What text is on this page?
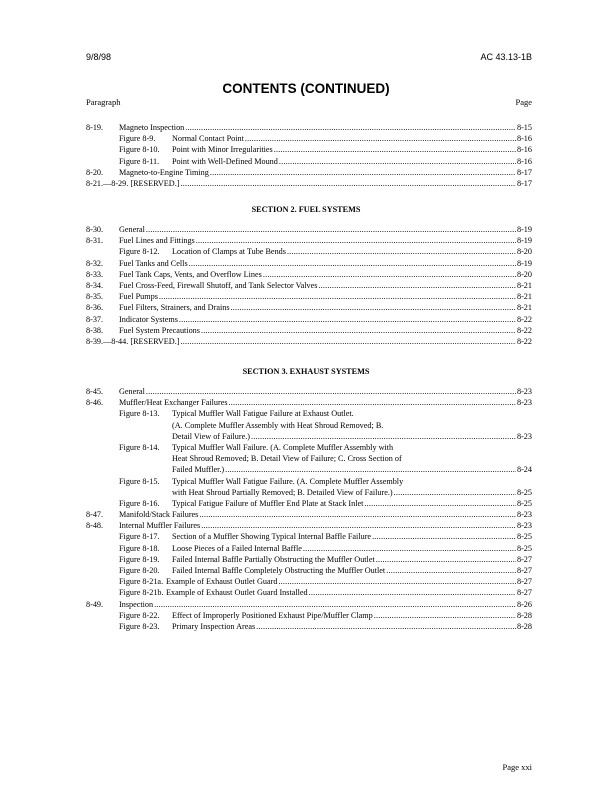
9/8/98	AC 43.13-1B
CONTENTS (CONTINUED)
Paragraph	Page
8-19. Magneto Inspection .....	8-15
Figure 8-9. Normal Contact Point .....	8-16
Figure 8-10. Point with Minor Irregularities .....	8-16
Figure 8-11. Point with Well-Defined Mound .....	8-16
8-20. Magneto-to-Engine Timing .....	8-17
8-21.—8-29. [RESERVED.] .....	8-17
SECTION 2. FUEL SYSTEMS
8-30. General .....	8-19
8-31. Fuel Lines and Fittings .....	8-19
Figure 8-12. Location of Clamps at Tube Bends .....	8-20
8-32. Fuel Tanks and Cells .....	8-19
8-33. Fuel Tank Caps, Vents, and Overflow Lines .....	8-20
8-34. Fuel Cross-Feed, Firewall Shutoff, and Tank Selector Valves .....	8-21
8-35. Fuel Pumps .....	8-21
8-36. Fuel Filters, Strainers, and Drains .....	8-21
8-37. Indicator Systems .....	8-22
8-38. Fuel System Precautions .....	8-22
8-39.—8-44. [RESERVED.] .....	8-22
SECTION 3. EXHAUST SYSTEMS
8-45. General .....	8-23
8-46. Muffler/Heat Exchanger Failures .....	8-23
Figure 8-13. Typical Muffler Wall Fatigue Failure at Exhaust Outlet.
(A. Complete Muffler Assembly with Heat Shroud Removed; B.
Detail View of Failure.) .....	8-23
Figure 8-14. Typical Muffler Wall Failure. (A. Complete Muffler Assembly with
Heat Shroud Removed; B. Detail View of Failure; C. Cross Section of
Failed Muffler.) .....	8-24
Figure 8-15. Typical Muffler Wall Fatigue Failure. (A. Complete Muffler Assembly
with Heat Shroud Partially Removed; B. Detailed View of Failure.) .....	8-25
Figure 8-16. Typical Fatigue Failure of Muffler End Plate at Stack Inlet .....	8-25
8-47. Manifold/Stack Failures .....	8-23
8-48. Internal Muffler Failures .....	8-23
Figure 8-17. Section of a Muffler Showing Typical Internal Baffle Failure .....	8-25
Figure 8-18. Loose Pieces of a Failed Internal Baffle .....	8-25
Figure 8-19. Failed Internal Baffle Partially Obstructing the Muffler Outlet .....	8-27
Figure 8-20. Failed Internal Baffle Completely Obstructing the Muffler Outlet .....	8-27
Figure 8-21a. Example of Exhaust Outlet Guard .....	8-27
Figure 8-21b. Example of Exhaust Outlet Guard Installed .....	8-27
8-49. Inspection .....	8-26
Figure 8-22. Effect of Improperly Positioned Exhaust Pipe/Muffler Clamp .....	8-28
Figure 8-23. Primary Inspection Areas .....	8-28
Page xxi
